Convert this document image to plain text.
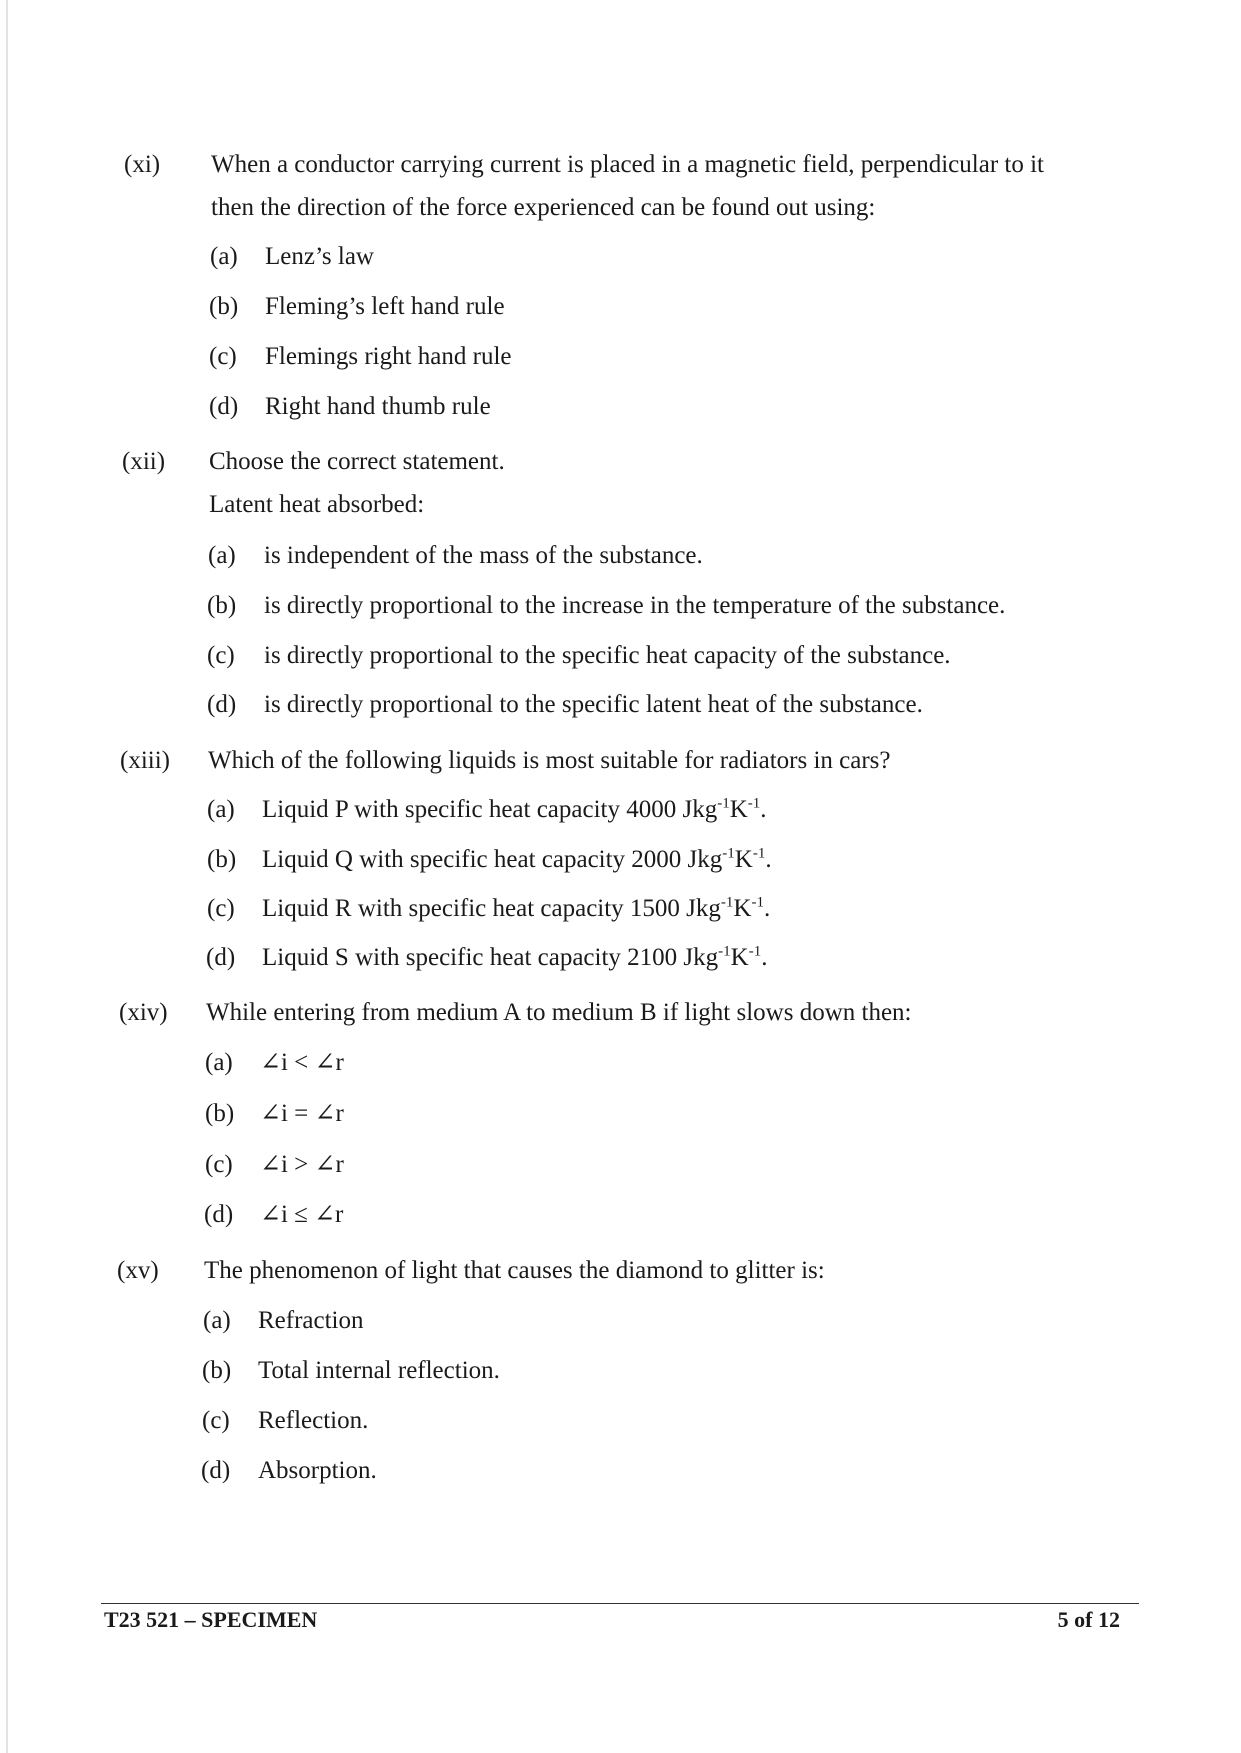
(xi) When a conductor carrying current is placed in a magnetic field, perpendicular to it
then the direction of the force experienced can be found out using:
(a) Lenz’s law
(b) Fleming’s left hand rule
(c) Flemings right hand rule
(d) Right hand thumb rule
(xii) Choose the correct statement.
Latent heat absorbed:
(a) is independent of the mass of the substance.
(b) is directly proportional to the increase in the temperature of the substance.
(c) is directly proportional to the specific heat capacity of the substance.
(d) is directly proportional to the specific latent heat of the substance.
(xiii) Which of the following liquids is most suitable for radiators in cars?
(a) Liquid P with specific heat capacity 4000 $Jkg^{-1}K^{-1}$.
(b) Liquid Q with specific heat capacity 2000 $Jkg^{-1}K^{-1}$.
(c) Liquid R with specific heat capacity 1500 $Jkg^{-1}K^{-1}$.
(d) Liquid S with specific heat capacity 2100 $Jkg^{-1}K^{-1}$.
(xiv) While entering from medium A to medium B if light slows down then:
(a) ∠i < ∠r
(b) ∠i = ∠r
(c) ∠i > ∠r
(d) ∠i ≤ ∠r
(xv) The phenomenon of light that causes the diamond to glitter is:
(a) Refraction
(b) Total internal reflection.
(c) Reflection.
(d) Absorption.
T23 521 – SPECIMEN	5 of 12
